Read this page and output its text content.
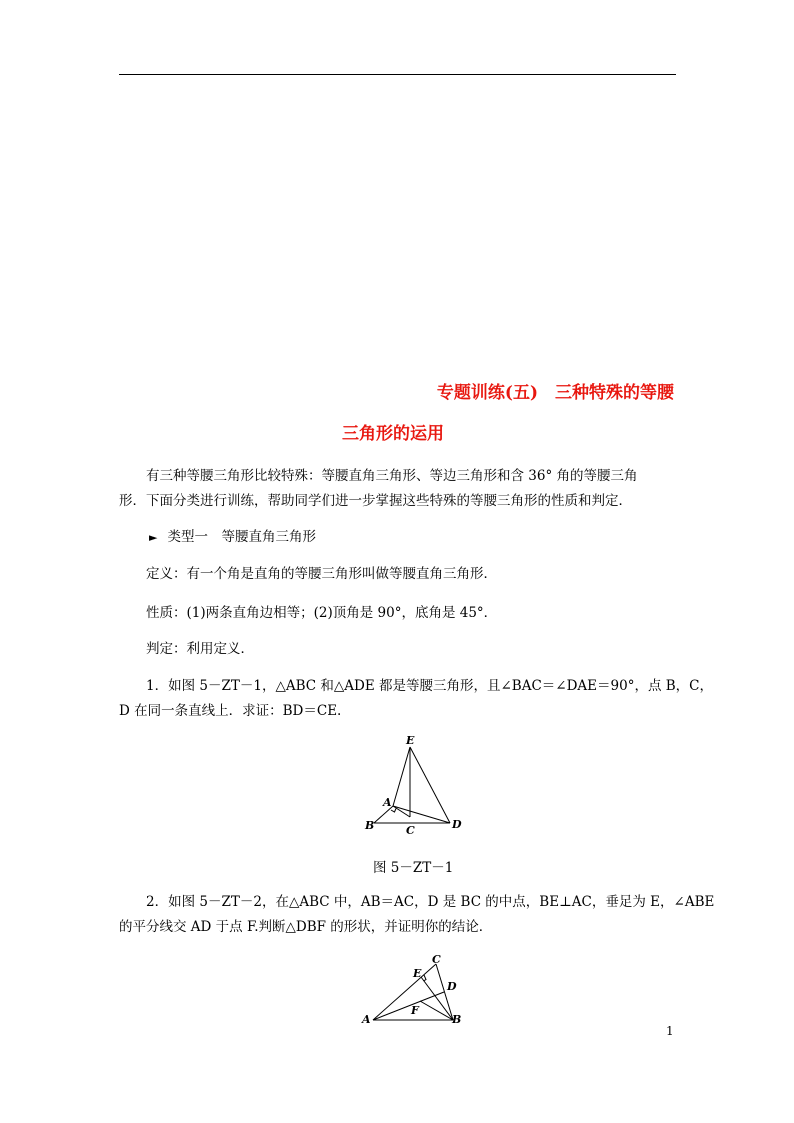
专题训练(五)　三种特殊的等腰
三角形的运用
有三种等腰三角形比较特殊：等腰直角三角形、等边三角形和含 36° 角的等腰三角
形．下面分类进行训练，帮助同学们进一步掌握这些特殊的等腰三角形的性质和判定．
► 类型一　等腰直角三角形
定义：有一个角是直角的等腰三角形叫做等腰直角三角形．
性质：(1)两条直角边相等；(2)顶角是 90°，底角是 45°．
判定：利用定义．
1．如图 5－ZT－1，△ABC 和△ADE 都是等腰三角形，且∠BAC＝∠DAE＝90°，点 B，C，
D 在同一条直线上．求证：BD＝CE.
E
A
B	C	D
图 5－ZT－1
2．如图 5－ZT－2，在△ABC 中，AB＝AC，D 是 BC 的中点，BE⊥AC，垂足为 E，∠ABE
的平分线交 AD 于点 F.判断△DBF 的形状，并证明你的结论．
C
E
D
F
A	B
1
